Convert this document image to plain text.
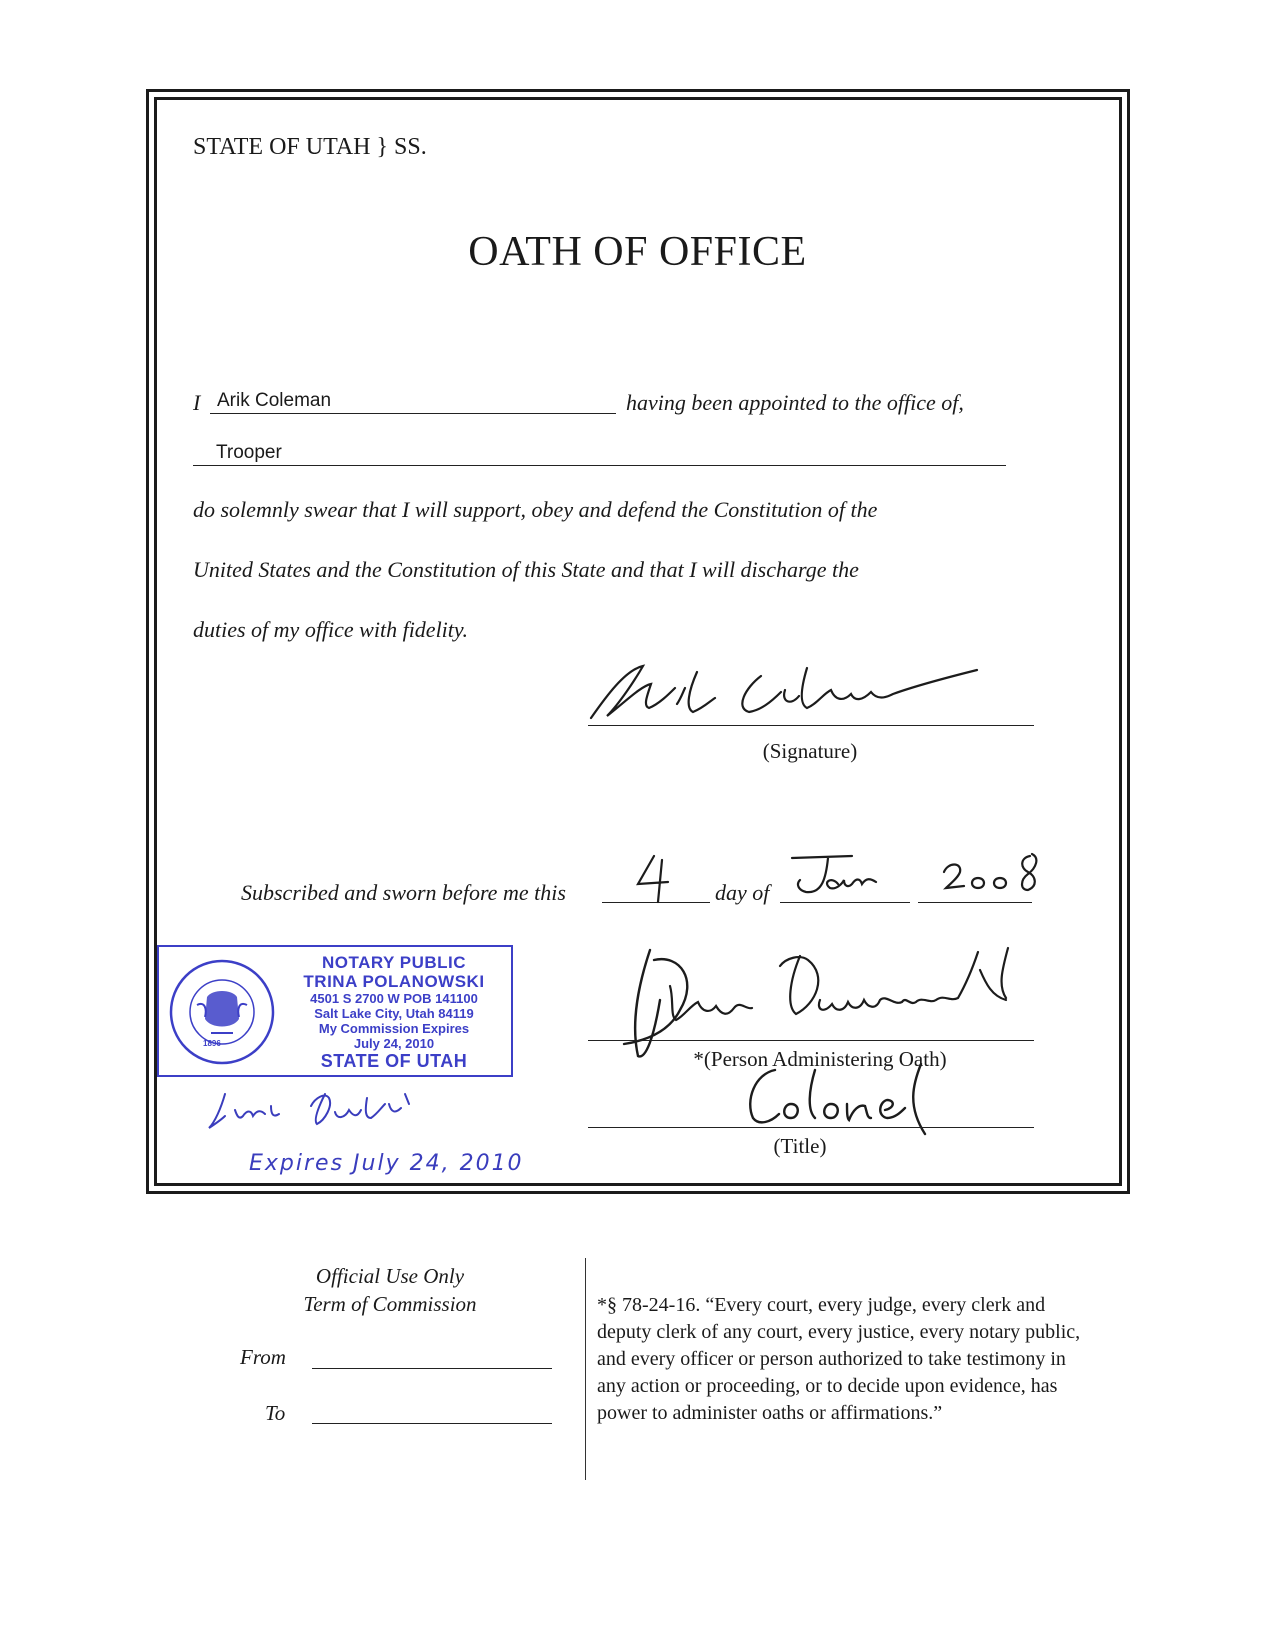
STATE OF UTAH } SS.
OATH OF OFFICE
I Arik Coleman	having been appointed to the office of,
Trooper
do solemnly swear that I will support, obey and defend the Constitution of the
United States and the Constitution of this State and that I will discharge the
duties of my office with fidelity.
(Signature)
Subscribed and sworn before me this	day of
*(Person Administering Oath)
(Title)
1896
NOTARY PUBLIC
TRINA POLANOWSKI
4501 S 2700 W POB 141100
Salt Lake City, Utah 84119
My Commission Expires
July 24, 2010
STATE OF UTAH
Expires July 24, 2010
Official Use Only
Term of Commission
From
To
*§ 78-24-16. “Every court, every judge, every clerk and deputy clerk of any court, every justice, every notary public, and every officer or person authorized to take testimony in any action or proceeding, or to decide upon evidence, has power to administer oaths or affirmations.”
